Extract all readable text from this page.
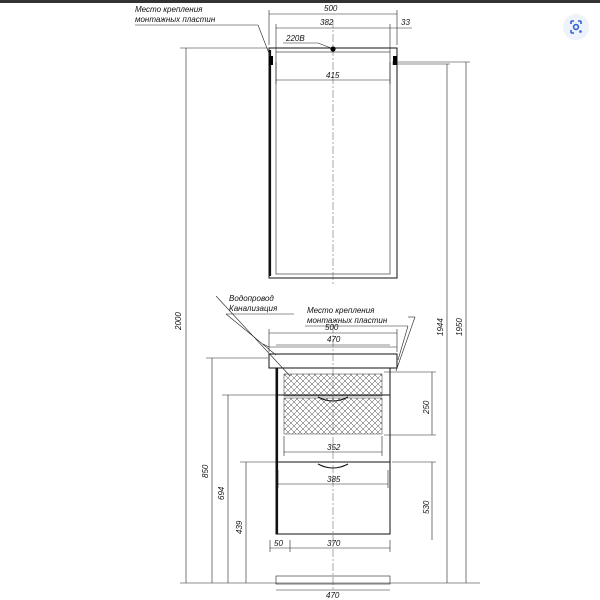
500
382	33
220В
415
Место крепления
монтажных пластин
2000	1950
1944
850
694
439
500
470
250
352
385
530
50	370
470
Водопровод
Канализация	Место крепления
монтажных пластин
